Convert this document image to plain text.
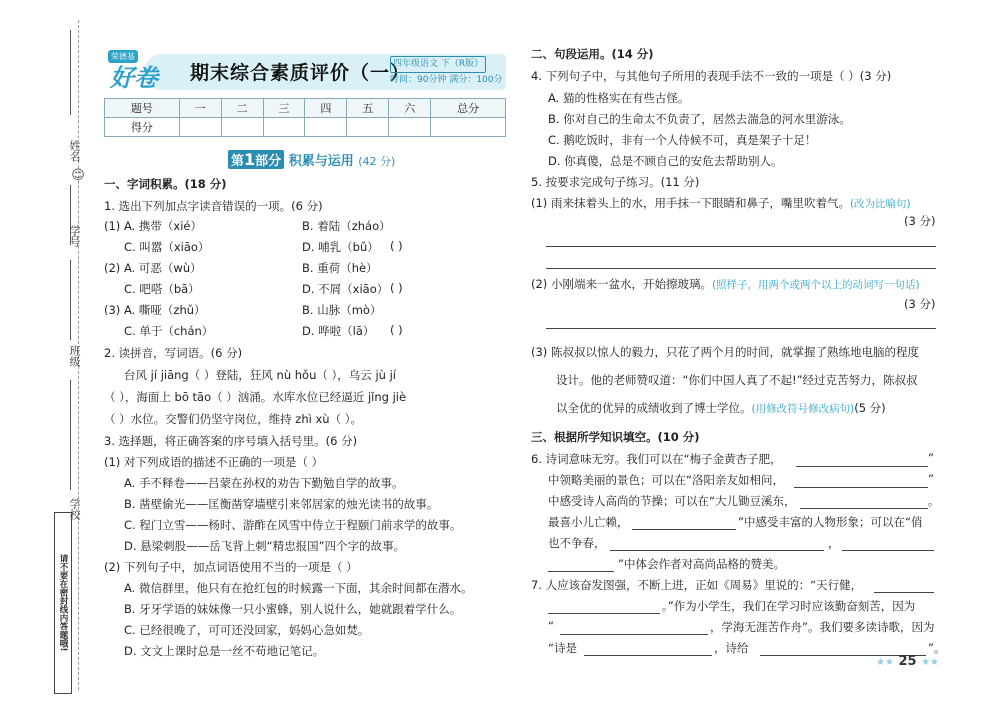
姓名
☺
学号
班级
学校
请不要在密封线内答题哦!
荣德基
好卷 期末综合素质评价（一）
四年级语文 下（R版）
时间：90分钟 满分：100分
题号	一	二	三	四	五	六	总分
得分							
第1部分 积累与运用 (42 分)
一、字词积累。(18 分)
1. 选出下列加点字读音错误的一项。(6 分)
(1) A. 携带（xié）	B. 着陆（zháo）
C. 叫嚣（xiāo）	D. 哺乳（bǔ） ( )
(2) A. 可恶（wù）	B. 重荷（hè）
C. 吧嗒（bā）	D. 不屑（xiāo） ( )
(3) A. 嘶哑（zhǔ）	B. 山脉（mò）
C. 单于（chán）	D. 哗啦（lā） ( )
2. 读拼音，写词语。(6 分)
台风 jí jiāng（ ）登陆，狂风 nù hǒu（ ），乌云 jù jí
（ ），海面上 bō tāo（ ）汹涌。水库水位已经逼近 jǐng jiè
（ ）水位。交警们仍坚守岗位，维持 zhì xù（ ）。
3. 选择题，将正确答案的序号填入括号里。(6 分)
(1) 对下列成语的描述不正确的一项是（ ）
A. 手不释卷——吕蒙在孙权的劝告下勤勉自学的故事。
B. 凿壁偷光——匡衡凿穿墙壁引来邻居家的烛光读书的故事。
C. 程门立雪——杨时、游酢在风雪中侍立于程颐门前求学的故事。
D. 悬梁刺股——岳飞背上刺“精忠报国”四个字的故事。
(2) 下列句子中，加点词语使用不当的一项是（ ）
A. 微信群里，他只有在抢红包的时候露一下面，其余时间都在潜水。
B. 牙牙学语的妹妹像一只小蜜蜂，别人说什么，她就跟着学什么。
C. 已经很晚了，可可还没回家，妈妈心急如焚。
D. 文文上课时总是一丝不苟地记笔记。
二、句段运用。(14 分)
4. 下列句子中，与其他句子所用的表现手法不一致的一项是（ ）(3 分)
A. 猫的性格实在有些古怪。
B. 你对自己的生命太不负责了，居然去湍急的河水里游泳。
C. 鹅吃饭时，非有一个人侍候不可，真是架子十足！
D. 你真傻，总是不顾自己的安危去帮助别人。
5. 按要求完成句子练习。(11 分)
(1) 雨来抹着头上的水，用手抹一下眼睛和鼻子，嘴里吹着气。(改为比喻句)
(3 分)
(2) 小刚端来一盆水，开始擦玻璃。(照样子，用两个或两个以上的动词写一句话)
(3 分)
(3) 陈叔叔以惊人的毅力，只花了两个月的时间，就掌握了熟练地电脑的程度
设计。他的老师赞叹道：“你们中国人真了不起!”经过克苦努力，陈叔叔
以全优的优异的成绩收到了博士学位。(用修改符号修改病句)(5 分)
三、根据所学知识填空。(10 分)
6. 诗词意味无穷。我们可以在“梅子金黄杏子肥，	”
中领略美丽的景色；可以在“洛阳亲友如相问，	”
中感受诗人高尚的节操；可以在“大儿锄豆溪东，	。
最喜小儿亡赖，	”中感受丰富的人物形象；可以在“俏
也不争春，	，
”中体会作者对高尚品格的赞美。
7. 人应该奋发图强，不断上进，正如《周易》里说的：“天行健，
。”作为小学生，我们在学习时应该勤奋刻苦，因为
“	，学海无涯苦作舟”。我们要多读诗歌，因为
“诗是	，诗给	”。
★★ 25 ★★
